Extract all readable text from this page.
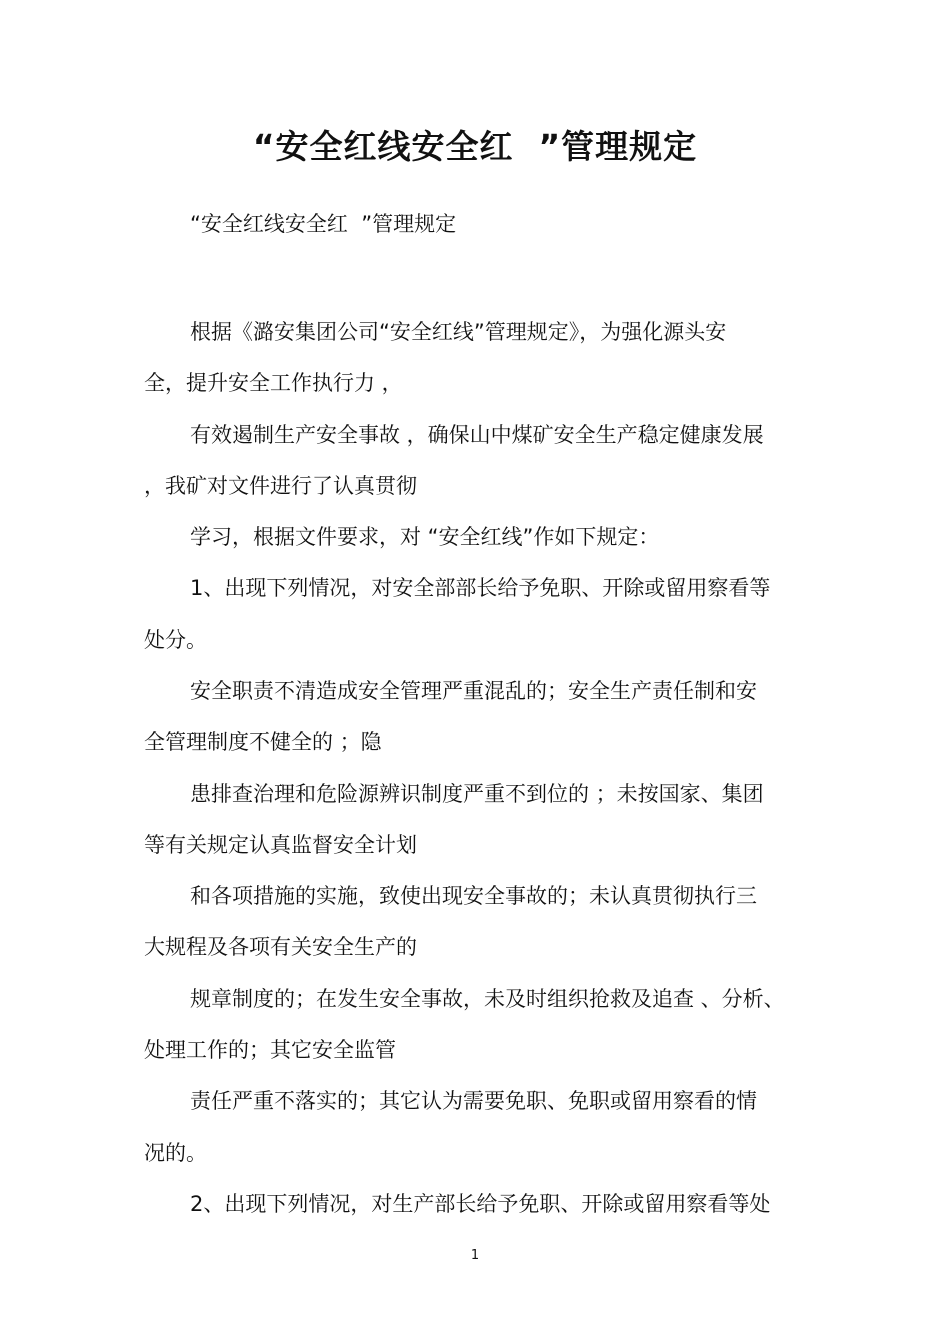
“安全红线安全红  ”管理规定
“安全红线安全红  ”管理规定
根据《潞安集团公司“安全红线”管理规定》，为强化源头安
全，提升安全工作执行力 ，
有效遏制生产安全事故 ，确保山中煤矿安全生产稳定健康发展
，我矿对文件进行了认真贯彻
学习，根据文件要求，对 “安全红线”作如下规定：
1、出现下列情况，对安全部部长给予免职、开除或留用察看等
处分。
安全职责不清造成安全管理严重混乱的；安全生产责任制和安
全管理制度不健全的 ；隐
患排查治理和危险源辨识制度严重不到位的 ；未按国家、集团
等有关规定认真监督安全计划
和各项措施的实施，致使出现安全事故的；未认真贯彻执行三
大规程及各项有关安全生产的
规章制度的；在发生安全事故，未及时组织抢救及追查 、分析、
处理工作的；其它安全监管
责任严重不落实的；其它认为需要免职、免职或留用察看的情
况的。
2、出现下列情况，对生产部长给予免职、开除或留用察看等处
1
